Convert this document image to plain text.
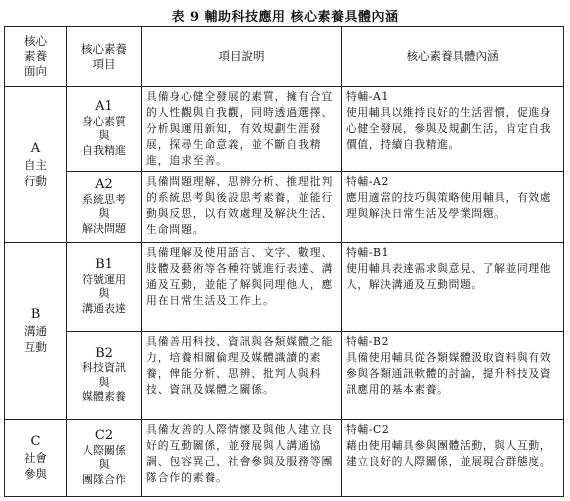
表 9 輔助科技應用 核心素養具體內涵
核心
素養
面向	核心素養
項目	項目說明	核心素養具體內涵

A
自主
行動	A1
身心素質
與
自我精進	具備身心健全發展的素質，擁有合宜的人性觀與自我觀，同時透過選擇、分析與運用新知，有效規劃生涯發展，探尋生命意義，並不斷自我精進，追求至善。	特輔-A1
使用輔具以維持良好的生活習慣，促進身心健全發展，參與及規劃生活，肯定自我價值，持續自我精進。

	A2
系統思考
與
解決問題	具備問題理解、思辨分析、推理批判的系統思考與後設思考素養，並能行動與反思，以有效處理及解決生活、生命問題。	特輔-A2
應用適當的技巧與策略使用輔具，有效處理與解決日常生活及學業問題。

B
溝通
互動	B1
符號運用
與
溝通表達	具備理解及使用語言、文字、數理、肢體及藝術等各種符號進行表達、溝通及互動，並能了解與同理他人，應用在日常生活及工作上。	特輔-B1
使用輔具表達需求與意見、了解並同理他人，解決溝通及互動問題。

	B2
科技資訊
與
媒體素養	具備善用科技、資訊與各類媒體之能力，培養相關倫理及媒體識讀的素養，俾能分析、思辨、批判人與科技、資訊及媒體之關係。	特輔-B2
具備使用輔具從各類媒體汲取資料與有效參與各類通訊軟體的討論，提升科技及資訊應用的基本素養。

C
社會
參與	C2
人際關係
與
團隊合作	具備友善的人際情懷及與他人建立良好的互動關係，並發展與人溝通協調、包容異己、社會參與及服務等團隊合作的素養。	特輔-C2
藉由使用輔具參與團體活動，與人互動，建立良好的人際關係，並展現合群態度。
